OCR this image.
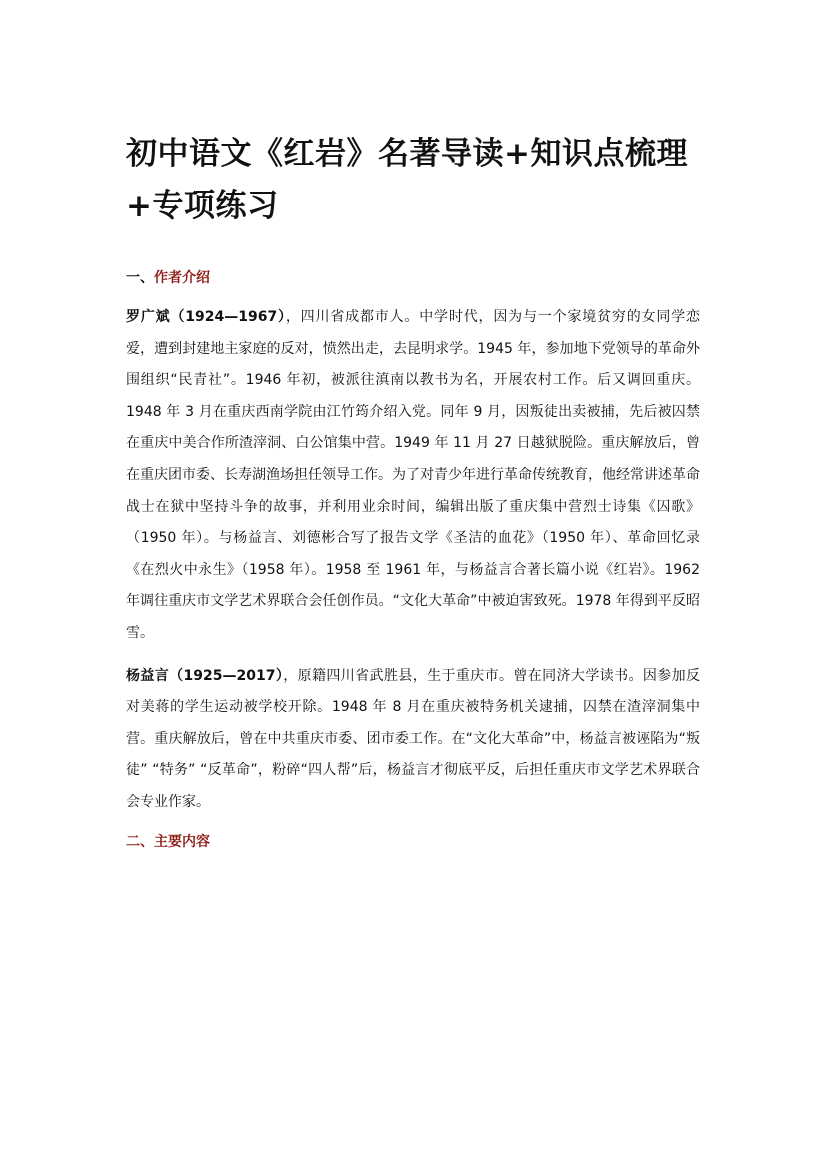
初中语文《红岩》名著导读+知识点梳理+专项练习
一、作者介绍

罗广斌（1924—1967），四川省成都市人。中学时代，因为与一个家境贫穷的女同学恋爱，遭到封建地主家庭的反对，愤然出走，去昆明求学。1945 年，参加地下党领导的革命外围组织“民青社”。1946 年初，被派往滇南以教书为名，开展农村工作。后又调回重庆。1948 年 3 月在重庆西南学院由江竹筠介绍入党。同年 9 月，因叛徒出卖被捕，先后被囚禁在重庆中美合作所渣滓洞、白公馆集中营。1949 年 11 月 27 日越狱脱险。重庆解放后，曾在重庆团市委、长寿湖渔场担任领导工作。为了对青少年进行革命传统教育，他经常讲述革命战士在狱中坚持斗争的故事，并利用业余时间，编辑出版了重庆集中营烈士诗集《囚歌》（1950 年）。与杨益言、刘德彬合写了报告文学《圣洁的血花》（1950 年）、革命回忆录《在烈火中永生》（1958 年）。1958 至 1961 年，与杨益言合著长篇小说《红岩》。1962 年调往重庆市文学艺术界联合会任创作员。“文化大革命”中被迫害致死。1978 年得到平反昭雪。

杨益言（1925—2017），原籍四川省武胜县，生于重庆市。曾在同济大学读书。因参加反对美蒋的学生运动被学校开除。1948 年 8 月在重庆被特务机关逮捕，囚禁在渣滓洞集中营。重庆解放后，曾在中共重庆市委、团市委工作。在“文化大革命”中，杨益言被诬陷为“叛徒” “特务” “反革命”，粉碎“四人帮”后，杨益言才彻底平反，后担任重庆市文学艺术界联合会专业作家。

二、主要内容
